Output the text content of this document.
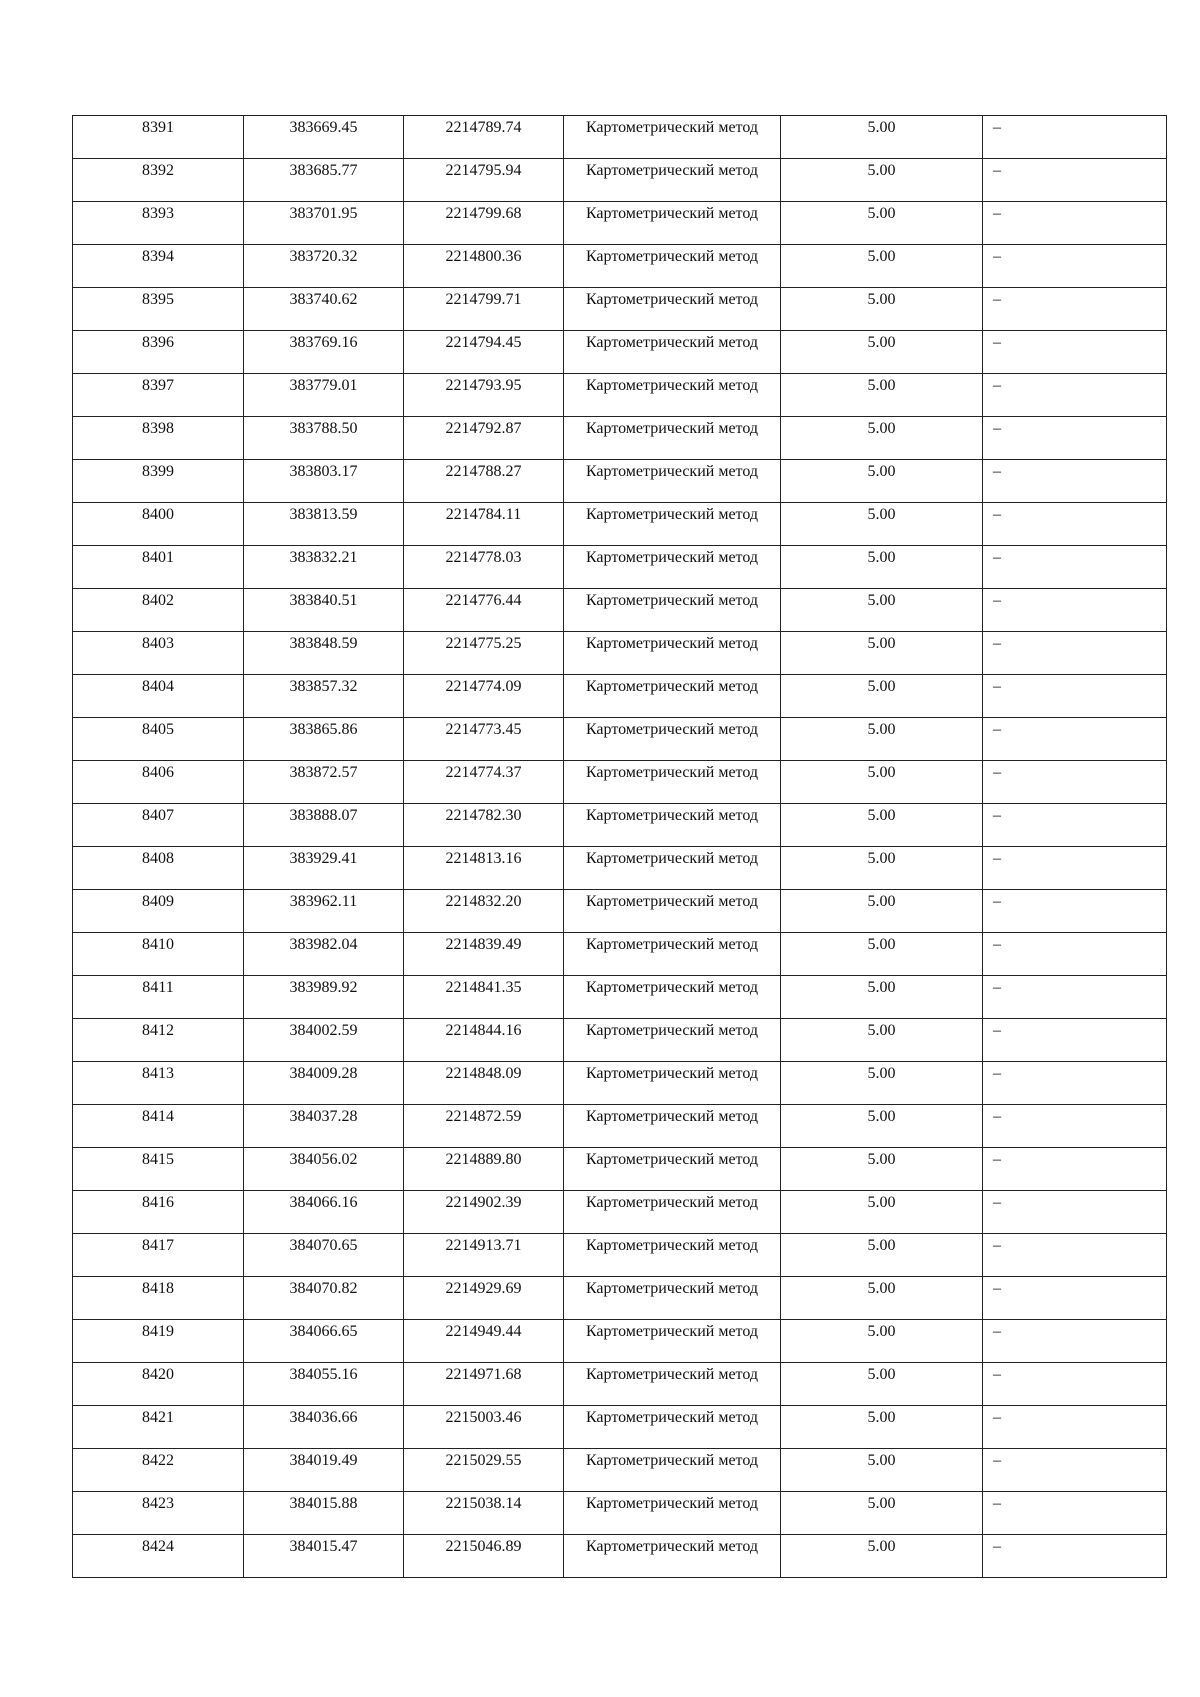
8391	383669.45	2214789.74	Картометрический метод	5.00	–

8392	383685.77	2214795.94	Картометрический метод	5.00	–

8393	383701.95	2214799.68	Картометрический метод	5.00	–

8394	383720.32	2214800.36	Картометрический метод	5.00	–

8395	383740.62	2214799.71	Картометрический метод	5.00	–

8396	383769.16	2214794.45	Картометрический метод	5.00	–

8397	383779.01	2214793.95	Картометрический метод	5.00	–

8398	383788.50	2214792.87	Картометрический метод	5.00	–

8399	383803.17	2214788.27	Картометрический метод	5.00	–

8400	383813.59	2214784.11	Картометрический метод	5.00	–

8401	383832.21	2214778.03	Картометрический метод	5.00	–

8402	383840.51	2214776.44	Картометрический метод	5.00	–

8403	383848.59	2214775.25	Картометрический метод	5.00	–

8404	383857.32	2214774.09	Картометрический метод	5.00	–

8405	383865.86	2214773.45	Картометрический метод	5.00	–

8406	383872.57	2214774.37	Картометрический метод	5.00	–

8407	383888.07	2214782.30	Картометрический метод	5.00	–

8408	383929.41	2214813.16	Картометрический метод	5.00	–

8409	383962.11	2214832.20	Картометрический метод	5.00	–

8410	383982.04	2214839.49	Картометрический метод	5.00	–

8411	383989.92	2214841.35	Картометрический метод	5.00	–

8412	384002.59	2214844.16	Картометрический метод	5.00	–

8413	384009.28	2214848.09	Картометрический метод	5.00	–

8414	384037.28	2214872.59	Картометрический метод	5.00	–

8415	384056.02	2214889.80	Картометрический метод	5.00	–

8416	384066.16	2214902.39	Картометрический метод	5.00	–

8417	384070.65	2214913.71	Картометрический метод	5.00	–

8418	384070.82	2214929.69	Картометрический метод	5.00	–

8419	384066.65	2214949.44	Картометрический метод	5.00	–

8420	384055.16	2214971.68	Картометрический метод	5.00	–

8421	384036.66	2215003.46	Картометрический метод	5.00	–

8422	384019.49	2215029.55	Картометрический метод	5.00	–

8423	384015.88	2215038.14	Картометрический метод	5.00	–

8424	384015.47	2215046.89	Картометрический метод	5.00	–
